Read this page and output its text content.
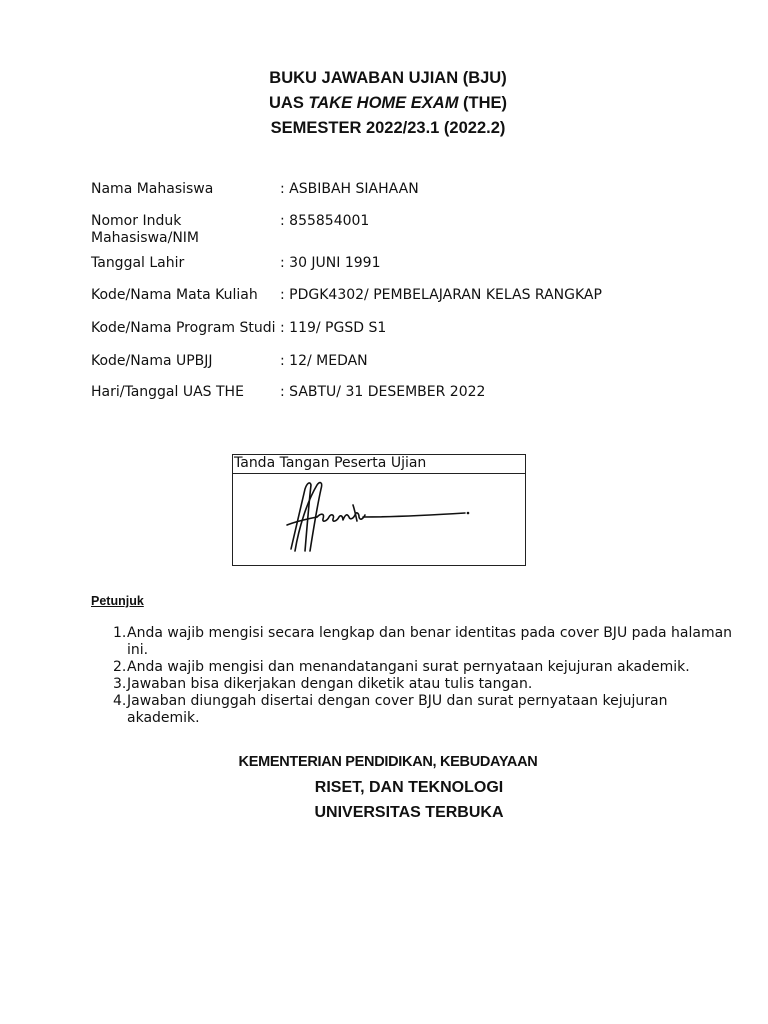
BUKU JAWABAN UJIAN (BJU)
UAS TAKE HOME EXAM (THE)
SEMESTER 2022/23.1 (2022.2)
Nama Mahasiswa	: ASBIBAH SIAHAAN
Nomor Induk Mahasiswa/NIM
: 855854001
Tanggal Lahir	: 30 JUNI 1991
Kode/Nama Mata Kuliah	: PDGK4302/ PEMBELAJARAN KELAS RANGKAP
Kode/Nama Program Studi : 119/ PGSD S1
Kode/Nama UPBJJ	: 12/ MEDAN
Hari/Tanggal UAS THE	: SABTU/ 31 DESEMBER 2022
Tanda Tangan Peserta Ujian
Petunjuk
1. Anda wajib mengisi secara lengkap dan benar identitas pada cover BJU pada halaman ini.
2. Anda wajib mengisi dan menandatangani surat pernyataan kejujuran akademik.
3. Jawaban bisa dikerjakan dengan diketik atau tulis tangan.
4. Jawaban diunggah disertai dengan cover BJU dan surat pernyataan kejujuran akademik.
KEMENTERIAN PENDIDIKAN, KEBUDAYAAN
RISET, DAN TEKNOLOGI
UNIVERSITAS TERBUKA
